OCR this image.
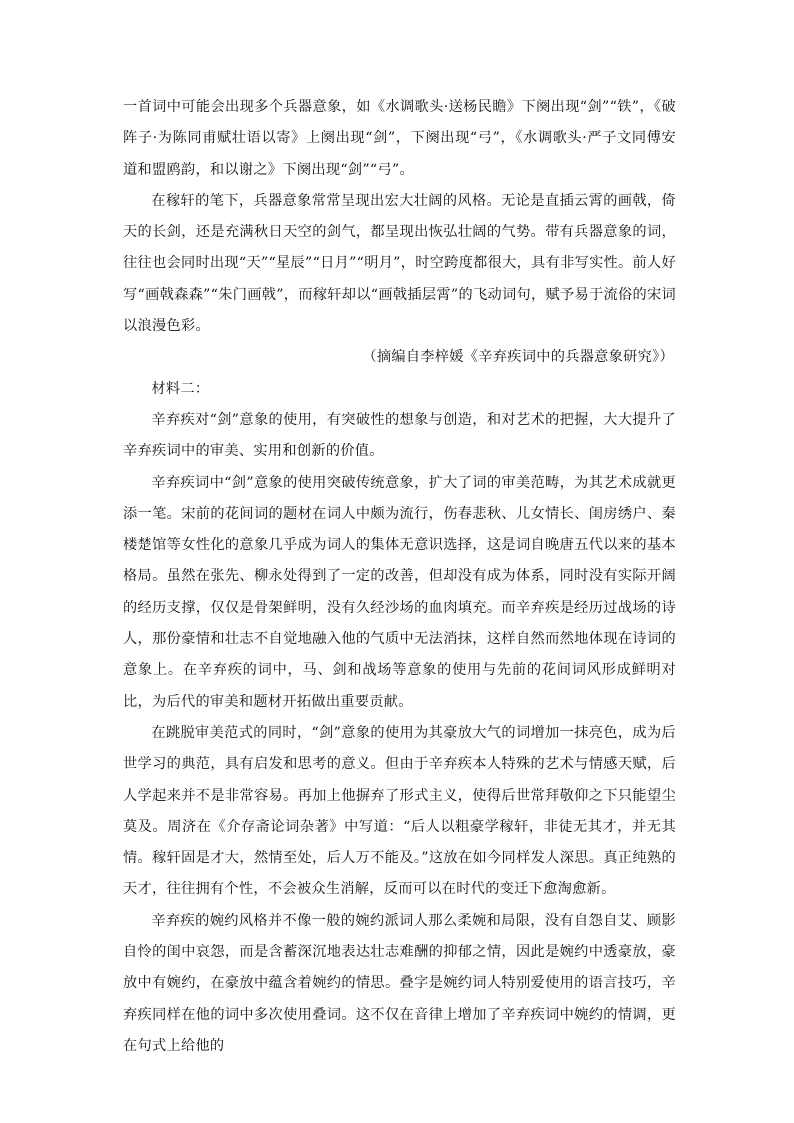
一首词中可能会出现多个兵器意象，如《水调歌头·送杨民瞻》下阕出现“剑”“铁”，《破阵子·为陈同甫赋壮语以寄》上阕出现“剑”，下阕出现“弓”，《水调歌头·严子文同傅安道和盟鸥韵，和以谢之》下阕出现“剑”“弓”。

在稼轩的笔下，兵器意象常常呈现出宏大壮阔的风格。无论是直插云霄的画戟，倚天的长剑，还是充满秋日天空的剑气，都呈现出恢弘壮阔的气势。带有兵器意象的词，往往也会同时出现“天”“星辰”“日月”“明月”，时空跨度都很大，具有非写实性。前人好写“画戟森森”“朱门画戟”，而稼轩却以“画戟插层霄”的飞动词句，赋予易于流俗的宋词以浪漫色彩。

（摘编自李梓媛《辛弃疾词中的兵器意象研究》）

材料二：

辛弃疾对“剑”意象的使用，有突破性的想象与创造，和对艺术的把握，大大提升了辛弃疾词中的审美、实用和创新的价值。

辛弃疾词中“剑”意象的使用突破传统意象，扩大了词的审美范畴，为其艺术成就更添一笔。宋前的花间词的题材在词人中颇为流行，伤春悲秋、儿女情长、闺房绣户、秦楼楚馆等女性化的意象几乎成为词人的集体无意识选择，这是词自晚唐五代以来的基本格局。虽然在张先、柳永处得到了一定的改善，但却没有成为体系，同时没有实际开阔的经历支撑，仅仅是骨架鲜明，没有久经沙场的血肉填充。而辛弃疾是经历过战场的诗人，那份豪情和壮志不自觉地融入他的气质中无法消抹，这样自然而然地体现在诗词的意象上。在辛弃疾的词中，马、剑和战场等意象的使用与先前的花间词风形成鲜明对比，为后代的审美和题材开拓做出重要贡献。

在跳脱审美范式的同时，“剑”意象的使用为其豪放大气的词增加一抹亮色，成为后世学习的典范，具有启发和思考的意义。但由于辛弃疾本人特殊的艺术与情感天赋，后人学起来并不是非常容易。再加上他摒弃了形式主义，使得后世常拜敬仰之下只能望尘莫及。周济在《介存斋论词杂著》中写道：“后人以粗豪学稼轩，非徒无其才，并无其情。稼轩固是才大，然情至处，后人万不能及。”这放在如今同样发人深思。真正纯熟的天才，往往拥有个性，不会被众生消解，反而可以在时代的变迁下愈淘愈新。

辛弃疾的婉约风格并不像一般的婉约派词人那么柔婉和局限，没有自怨自艾、顾影自怜的闺中哀怨，而是含蓄深沉地表达壮志难酬的抑郁之情，因此是婉约中透豪放，豪放中有婉约，在豪放中蕴含着婉约的情思。叠字是婉约词人特别爱使用的语言技巧，辛弃疾同样在他的词中多次使用叠词。这不仅在音律上增加了辛弃疾词中婉约的情调，更在句式上给他的
